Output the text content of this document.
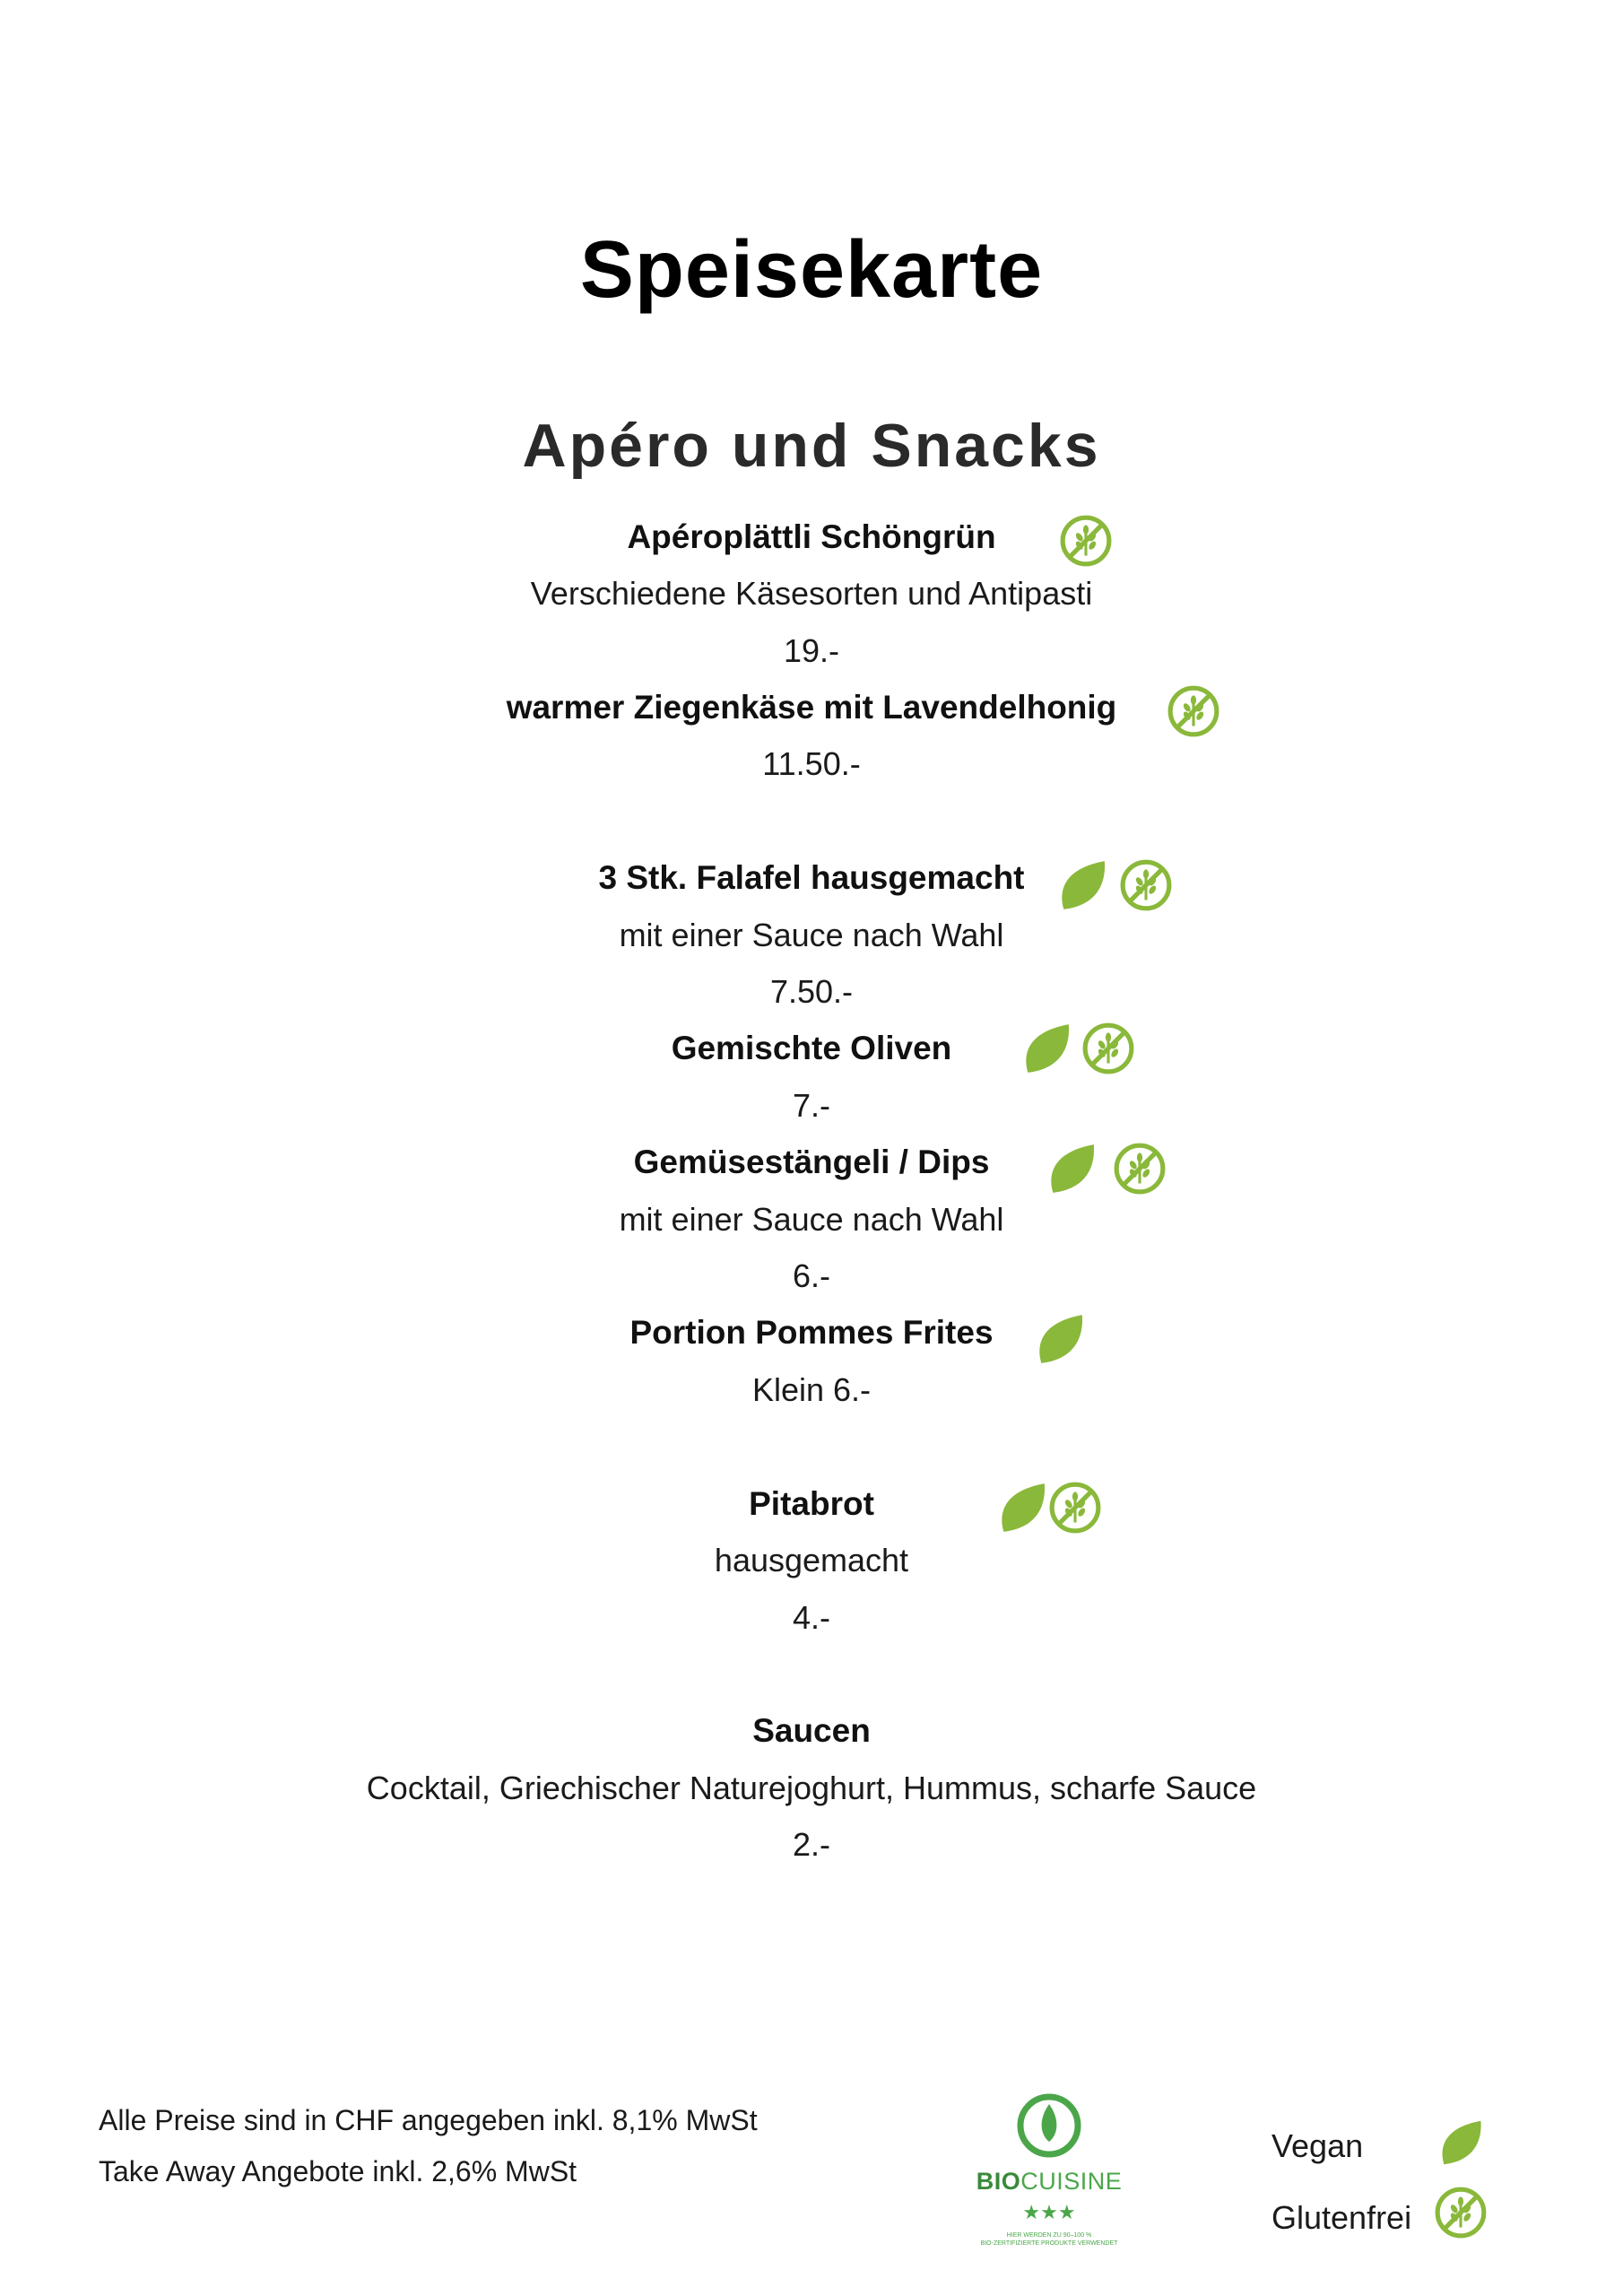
Speisekarte
Apéro und Snacks
Apéroplättli Schöngrün
Verschiedene Käsesorten und Antipasti
19.-
warmer Ziegenkäse mit Lavendelhonig
11.50.-
3 Stk. Falafel hausgemacht
mit einer Sauce nach Wahl
7.50.-
Gemischte Oliven
7.-
Gemüsestängeli / Dips
mit einer Sauce nach Wahl
6.-
Portion Pommes Frites
Klein 6.-
Pitabrot
hausgemacht
4.-
Saucen
Cocktail, Griechischer Naturejoghurt, Hummus, scharfe Sauce
2.-
Alle Preise sind in CHF angegeben inkl. 8,1% MwSt
Take Away Angebote inkl. 2,6% MwSt	BIOCUISINE
★★★
HIER WERDEN ZU 90–100 %
BIO-ZERTIFIZIERTE PRODUKTE VERWENDET
Vegan
Glutenfrei
